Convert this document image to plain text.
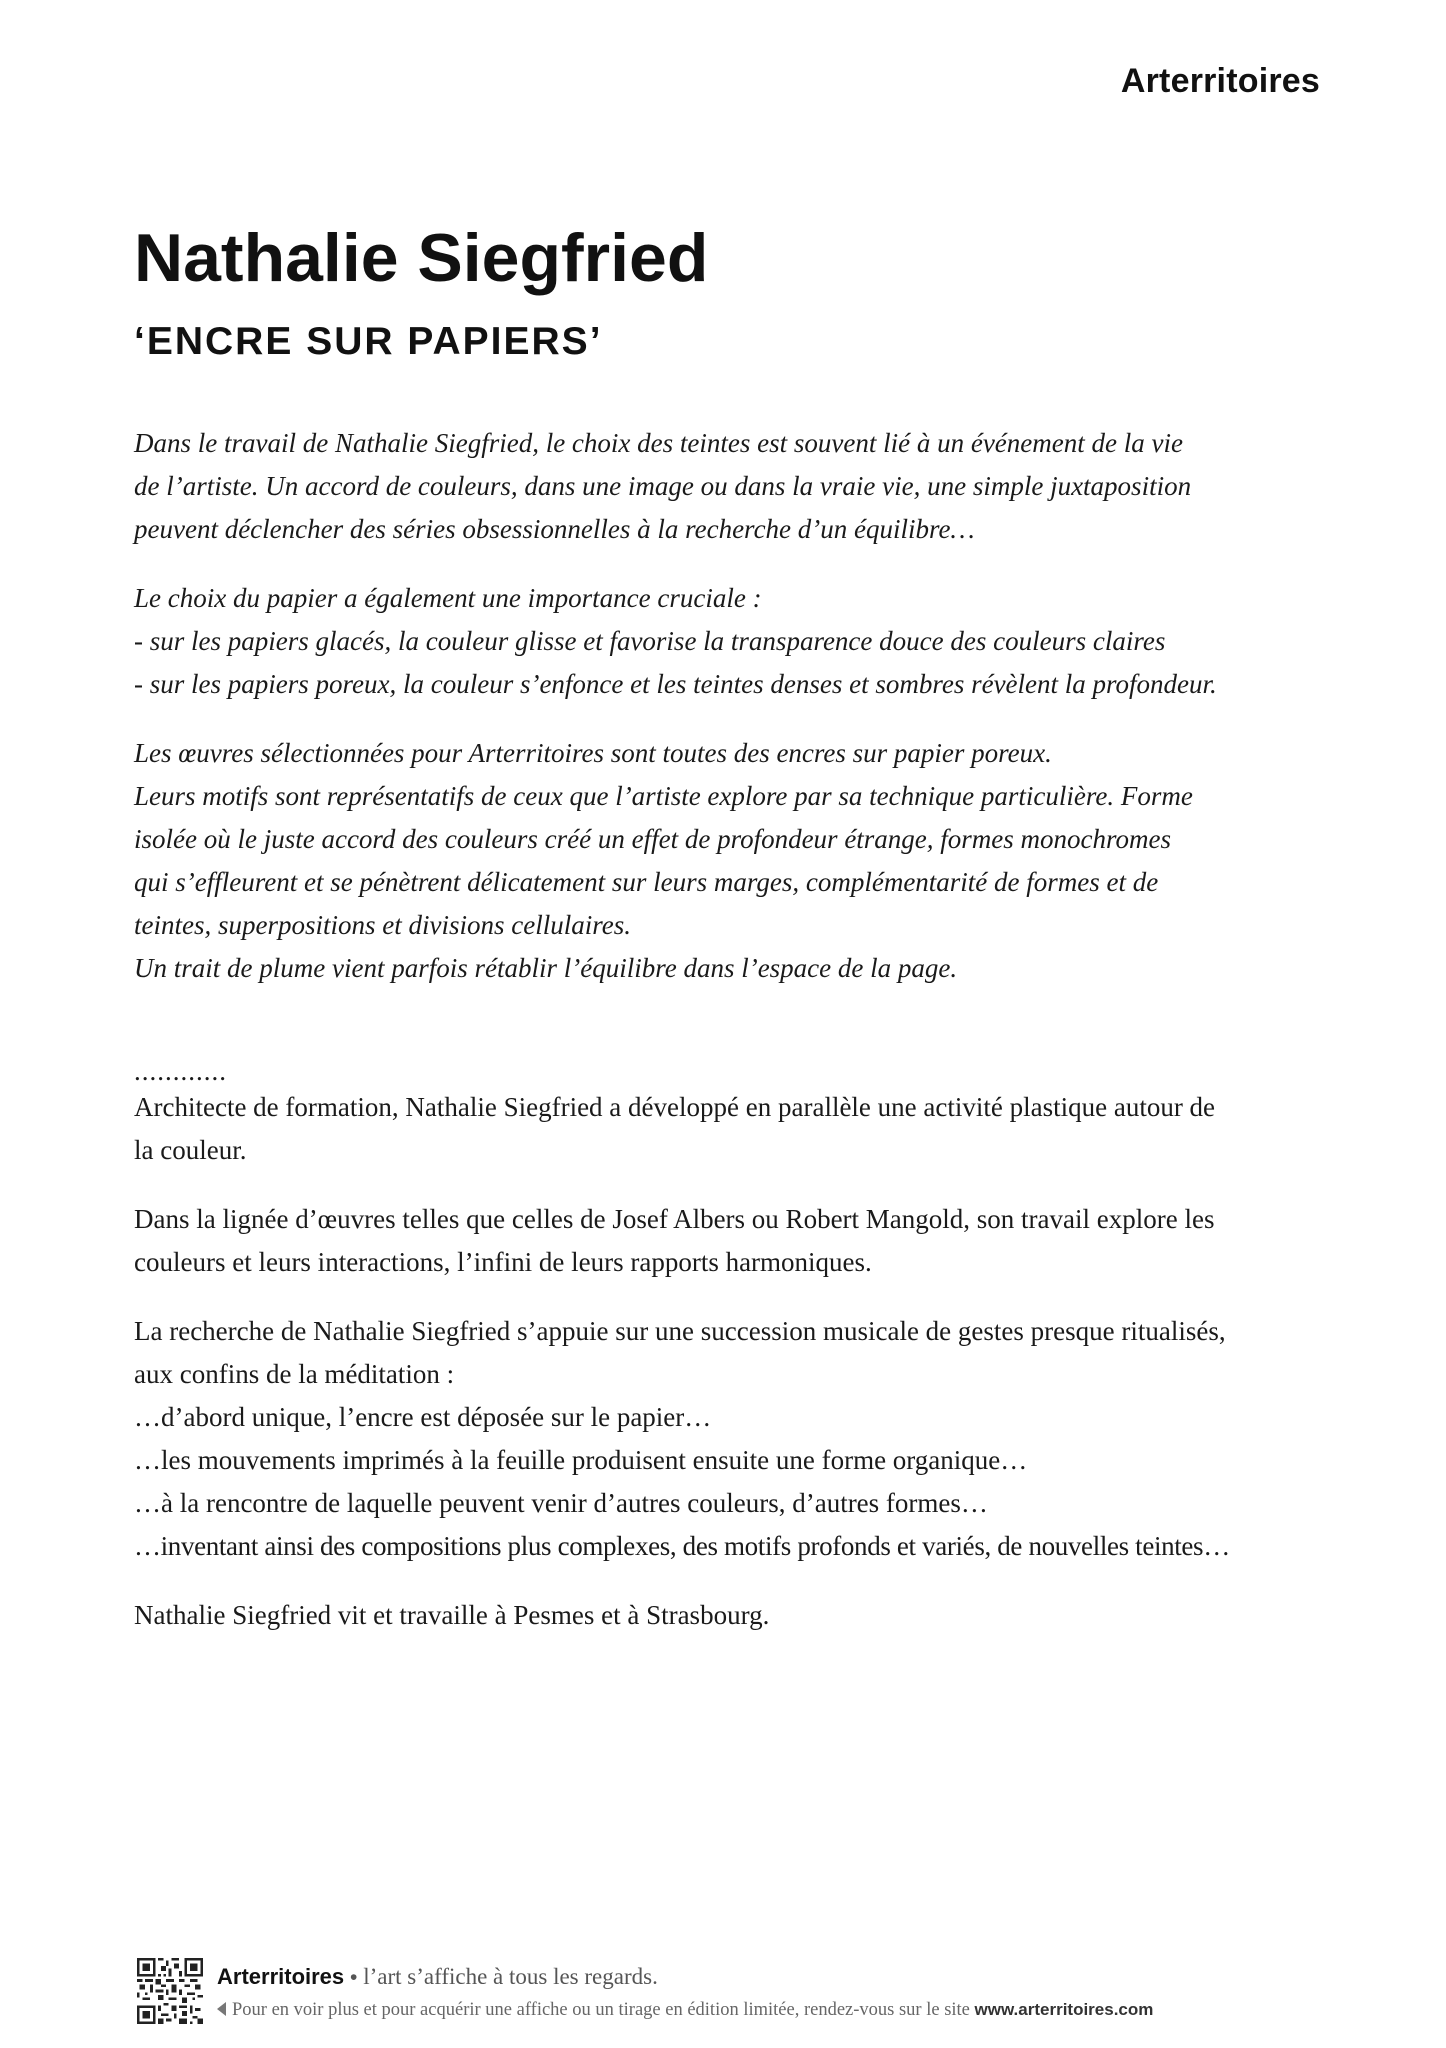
Arterritoires
Nathalie Siegfried
‘ENCRE SUR PAPIERS’

Dans le travail de Nathalie Siegfried, le choix des teintes est souvent lié à un événement de la vie
de l’artiste. Un accord de couleurs, dans une image ou dans la vraie vie, une simple juxtaposition
peuvent déclencher des séries obsessionnelles à la recherche d’un équilibre…

Le choix du papier a également une importance cruciale :
- sur les papiers glacés, la couleur glisse et favorise la transparence douce des couleurs claires
- sur les papiers poreux, la couleur s’enfonce et les teintes denses et sombres révèlent la profondeur.

Les œuvres sélectionnées pour Arterritoires sont toutes des encres sur papier poreux.
Leurs motifs sont représentatifs de ceux que l’artiste explore par sa technique particulière. Forme
isolée où le juste accord des couleurs créé un effet de profondeur étrange, formes monochromes
qui s’effleurent et se pénètrent délicatement sur leurs marges, complémentarité de formes et de
teintes, superpositions et divisions cellulaires.
Un trait de plume vient parfois rétablir l’équilibre dans l’espace de la page.

............

Architecte de formation, Nathalie Siegfried a développé en parallèle une activité plastique autour de
la couleur.

Dans la lignée d’œuvres telles que celles de Josef Albers ou Robert Mangold, son travail explore les
couleurs et leurs interactions, l’infini de leurs rapports harmoniques.

La recherche de Nathalie Siegfried s’appuie sur une succession musicale de gestes presque ritualisés,
aux confins de la méditation :
…d’abord unique, l’encre est déposée sur le papier…
…les mouvements imprimés à la feuille produisent ensuite une forme organique…
…à la rencontre de laquelle peuvent venir d’autres couleurs, d’autres formes…
…inventant ainsi des compositions plus complexes, des motifs profonds et variés, de nouvelles teintes…

Nathalie Siegfried vit et travaille à Pesmes et à Strasbourg.

Arterritoires • l’art s’affiche à tous les regards.
Pour en voir plus et pour acquérir une affiche ou un tirage en édition limitée, rendez-vous sur le site www.arterritoires.com
